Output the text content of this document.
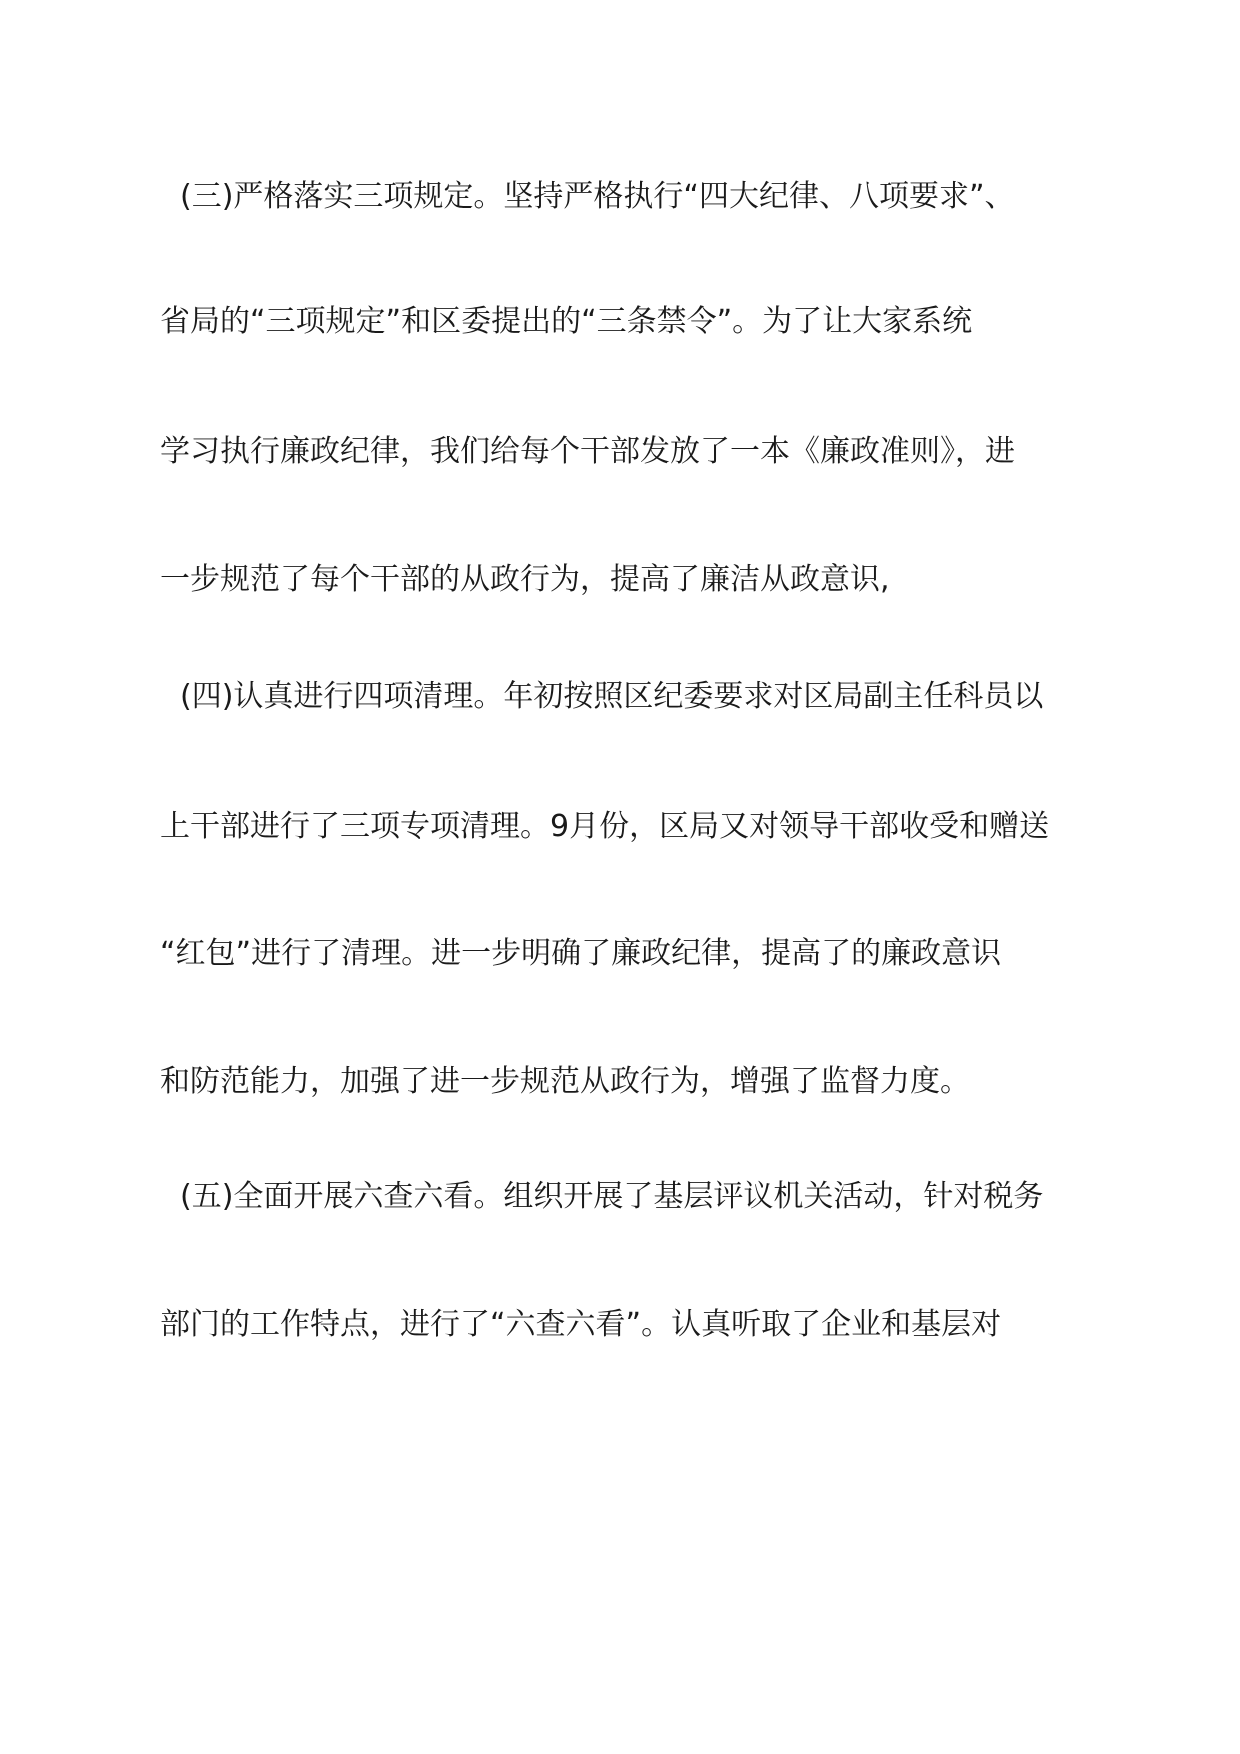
(三)严格落实三项规定。坚持严格执行“四大纪律、八项要求”、
省局的“三项规定”和区委提出的“三条禁令”。为了让大家系统
学习执行廉政纪律，我们给每个干部发放了一本《廉政准则》，进
一步规范了每个干部的从政行为，提高了廉洁从政意识,
(四)认真进行四项清理。年初按照区纪委要求对区局副主任科员以
上干部进行了三项专项清理。9月份，区局又对领导干部收受和赠送
“红包”进行了清理。进一步明确了廉政纪律，提高了的廉政意识
和防范能力，加强了进一步规范从政行为，增强了监督力度。
(五)全面开展六查六看。组织开展了基层评议机关活动，针对税务
部门的工作特点，进行了“六查六看”。认真听取了企业和基层对
